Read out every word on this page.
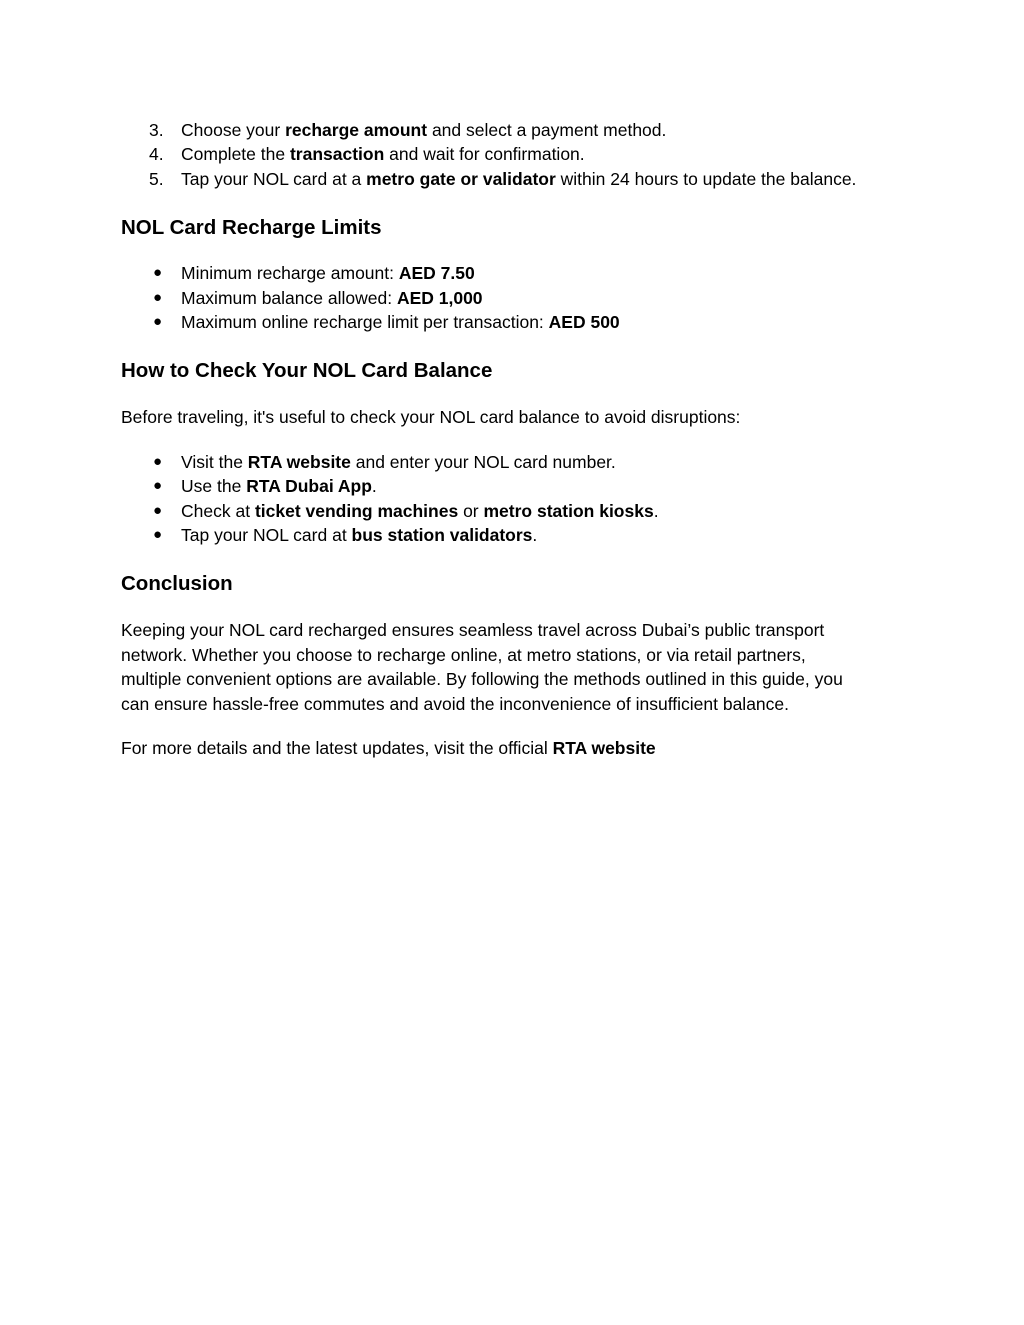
3. Choose your recharge amount and select a payment method.
4. Complete the transaction and wait for confirmation.
5. Tap your NOL card at a metro gate or validator within 24 hours to update the balance.
NOL Card Recharge Limits
●	Minimum recharge amount: AED 7.50
●	Maximum balance allowed: AED 1,000
●	Maximum online recharge limit per transaction: AED 500
How to Check Your NOL Card Balance

Before traveling, it's useful to check your NOL card balance to avoid disruptions:

●	Visit the RTA website and enter your NOL card number.
●	Use the RTA Dubai App.
●	Check at ticket vending machines or metro station kiosks.
●	Tap your NOL card at bus station validators.
Conclusion
Keeping your NOL card recharged ensures seamless travel across Dubai’s public transport
network. Whether you choose to recharge online, at metro stations, or via retail partners,
multiple convenient options are available. By following the methods outlined in this guide, you
can ensure hassle-free commutes and avoid the inconvenience of insufficient balance.

For more details and the latest updates, visit the official RTA website
